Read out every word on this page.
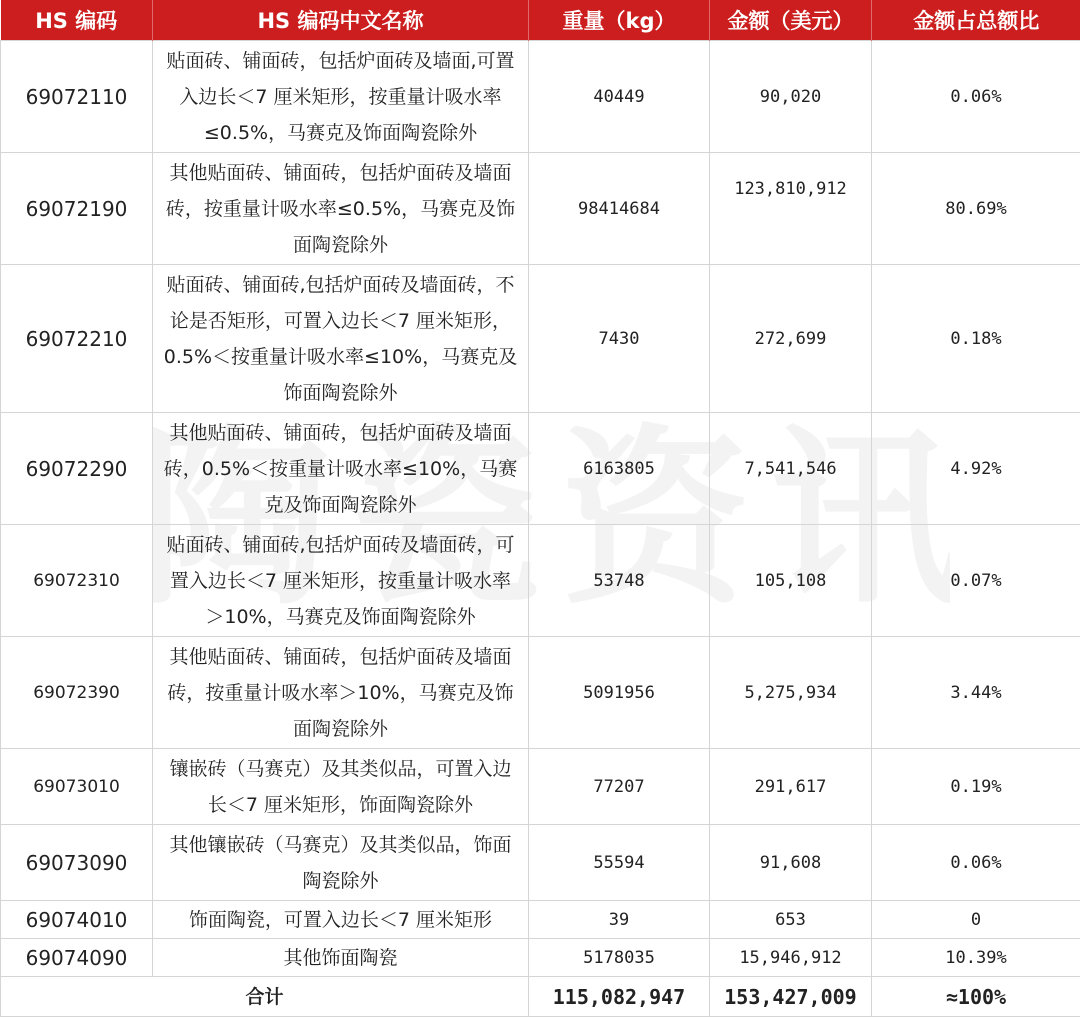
HS 编码	HS 编码中文名称	重量（kg）	金额（美元）	金额占总额比
69072110	贴面砖、铺面砖，包括炉面砖及墙面,可置入边长＜7 厘米矩形，按重量计吸水率≤0.5%，马赛克及饰面陶瓷除外	40449	90,020	0.06%
69072190	其他贴面砖、铺面砖，包括炉面砖及墙面砖，按重量计吸水率≤0.5%，马赛克及饰面陶瓷除外	98414684	123,810,912	80.69%
69072210	贴面砖、铺面砖,包括炉面砖及墙面砖，不论是否矩形，可置入边长＜7 厘米矩形，0.5%＜按重量计吸水率≤10%，马赛克及饰面陶瓷除外	7430	272,699	0.18%
69072290	其他贴面砖、铺面砖，包括炉面砖及墙面砖，0.5%＜按重量计吸水率≤10%，马赛克及饰面陶瓷除外	6163805	7,541,546	4.92%
69072310	贴面砖、铺面砖,包括炉面砖及墙面砖，可置入边长＜7 厘米矩形，按重量计吸水率＞10%，马赛克及饰面陶瓷除外	53748	105,108	0.07%
69072390	其他贴面砖、铺面砖，包括炉面砖及墙面砖，按重量计吸水率＞10%，马赛克及饰面陶瓷除外	5091956	5,275,934	3.44%
69073010	镶嵌砖（马赛克）及其类似品，可置入边长＜7 厘米矩形，饰面陶瓷除外	77207	291,617	0.19%
69073090	其他镶嵌砖（马赛克）及其类似品，饰面陶瓷除外	55594	91,608	0.06%
69074010	饰面陶瓷，可置入边长＜7 厘米矩形	39	653	0
69074090	其他饰面陶瓷	5178035	15,946,912	10.39%
合计		115,082,947	153,427,009	≈100%
